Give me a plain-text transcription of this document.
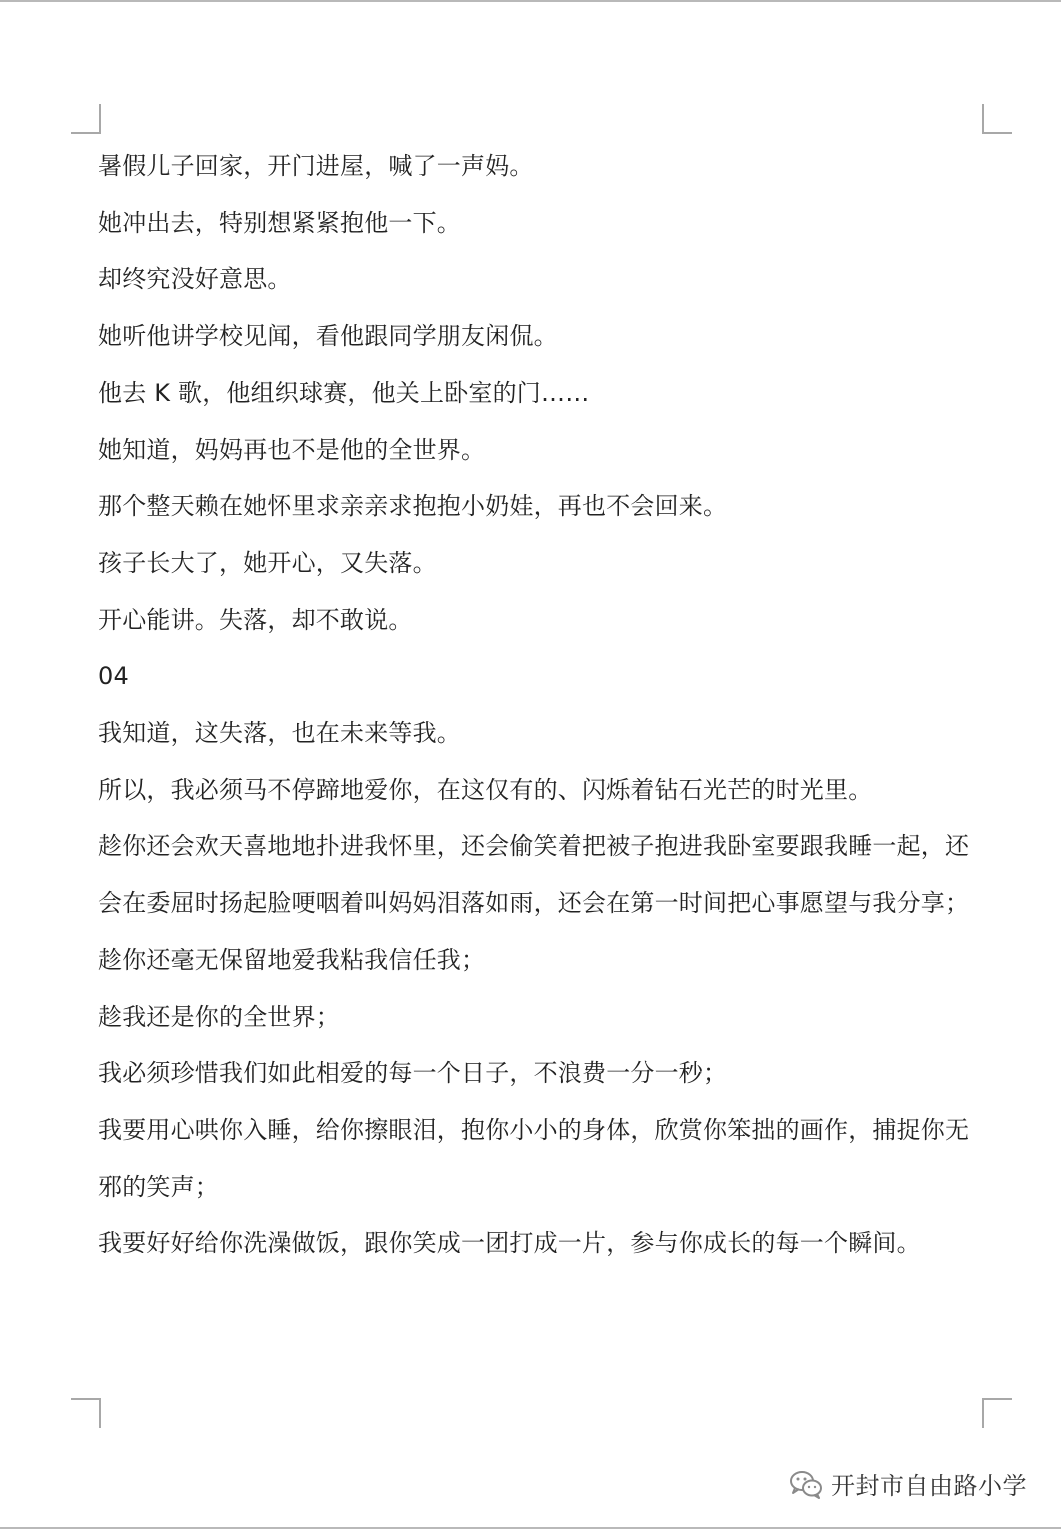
暑假儿子回家，开门进屋，喊了一声妈。

她冲出去，特别想紧紧抱他一下。

却终究没好意思。

她听他讲学校见闻，看他跟同学朋友闲侃。

他去 K 歌，他组织球赛，他关上卧室的门……

她知道，妈妈再也不是他的全世界。

那个整天赖在她怀里求亲亲求抱抱小奶娃，再也不会回来。

孩子长大了，她开心，又失落。

开心能讲。失落，却不敢说。

04

我知道，这失落，也在未来等我。

所以，我必须马不停蹄地爱你，在这仅有的、闪烁着钻石光芒的时光里。

趁你还会欢天喜地地扑进我怀里，还会偷笑着把被子抱进我卧室要跟我睡一起，还会在委屈时扬起脸哽咽着叫妈妈泪落如雨，还会在第一时间把心事愿望与我分享；

趁你还毫无保留地爱我粘我信任我；

趁我还是你的全世界；

我必须珍惜我们如此相爱的每一个日子，不浪费一分一秒；

我要用心哄你入睡，给你擦眼泪，抱你小小的身体，欣赏你笨拙的画作，捕捉你无邪的笑声；

我要好好给你洗澡做饭，跟你笑成一团打成一片，参与你成长的每一个瞬间。

开封市自由路小学
